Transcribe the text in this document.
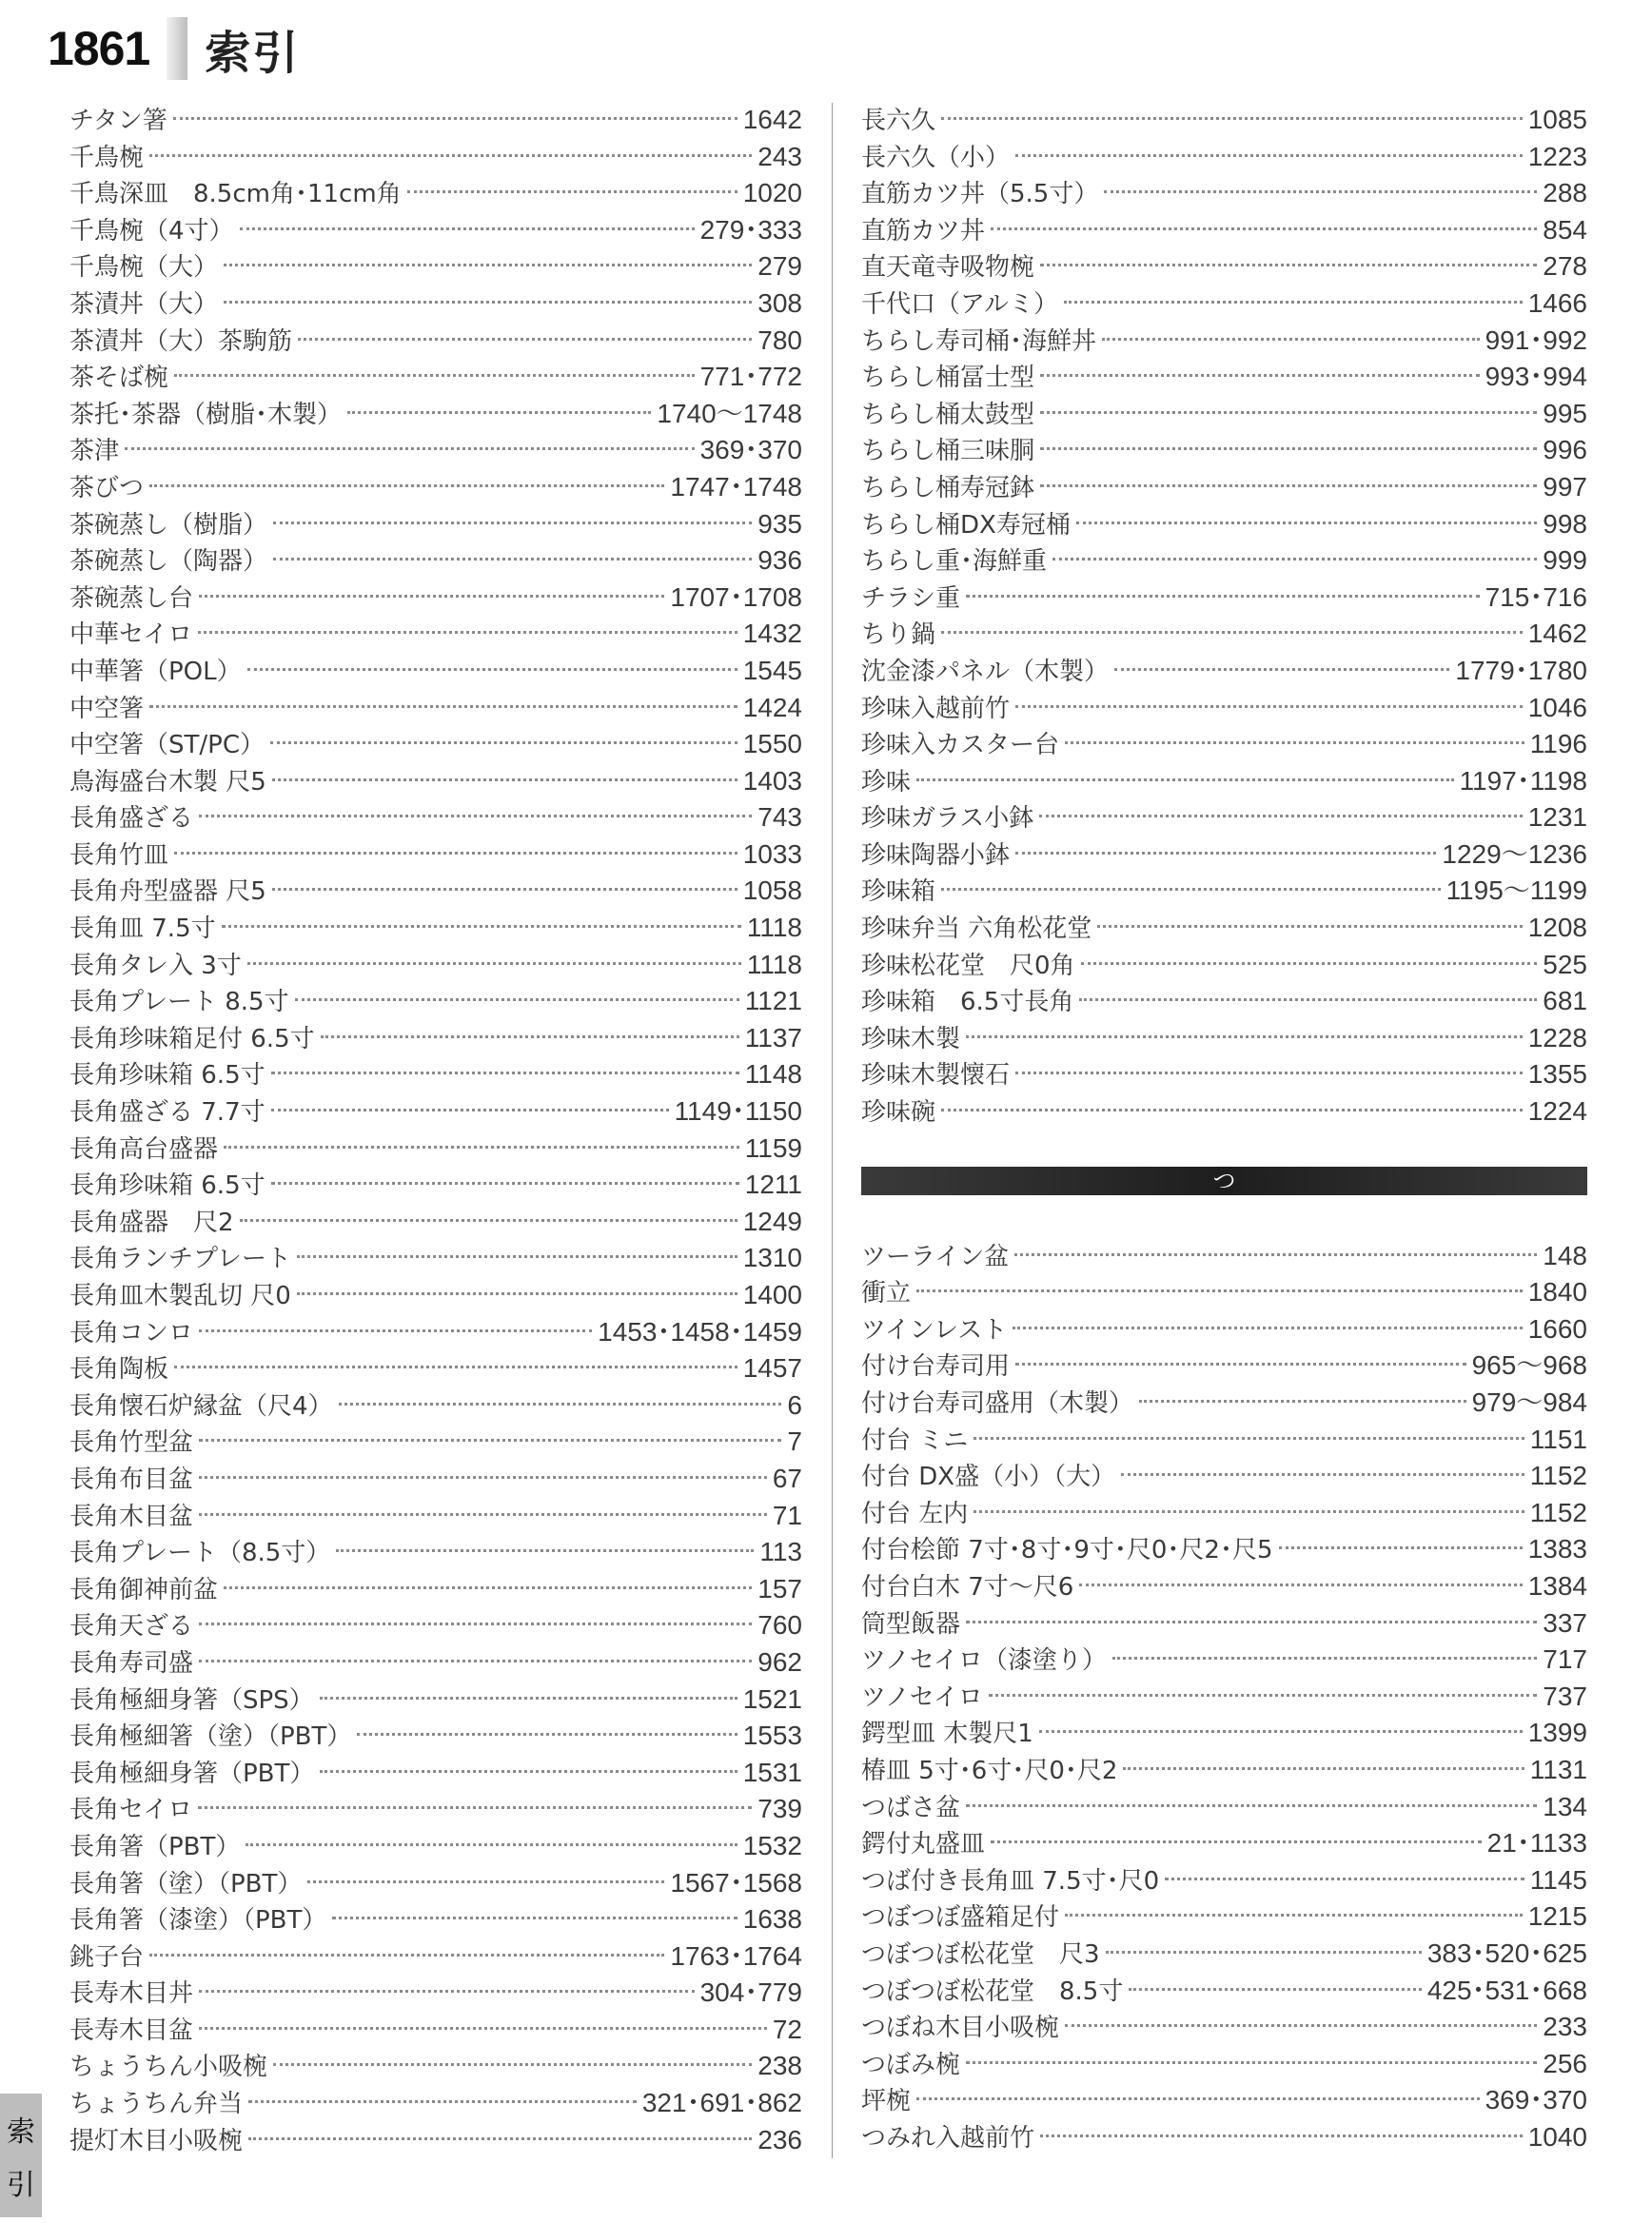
1861 索引
チタン箸	1642
千鳥椀	243
千鳥深皿　8.5cm角･11cm角	1020
千鳥椀（4寸）	279･333
千鳥椀（大）	279
茶漬丼（大）	308
茶漬丼（大）茶駒筋	780
茶そば椀	771･772
茶托･茶器（樹脂･木製）	1740～1748
茶津	369･370
茶びつ	1747･1748
茶碗蒸し（樹脂）	935
茶碗蒸し（陶器）	936
茶碗蒸し台	1707･1708
中華セイロ	1432
中華箸（POL）	1545
中空箸	1424
中空箸（ST/PC）	1550
鳥海盛台木製 尺5	1403
長角盛ざる	743
長角竹皿	1033
長角舟型盛器 尺5	1058
長角皿 7.5寸	1118
長角タレ入 3寸	1118
長角プレート 8.5寸	1121
長角珍味箱足付 6.5寸	1137
長角珍味箱 6.5寸	1148
長角盛ざる 7.7寸	1149･1150
長角高台盛器	1159
長角珍味箱 6.5寸	1211
長角盛器　尺2	1249
長角ランチプレート	1310
長角皿木製乱切 尺0	1400
長角コンロ	1453･1458･1459
長角陶板	1457
長角懐石炉縁盆（尺4）	6
長角竹型盆	7
長角布目盆	67
長角木目盆	71
長角プレート（8.5寸）	113
長角御神前盆	157
長角天ざる	760
長角寿司盛	962
長角極細身箸（SPS）	1521
長角極細箸（塗）（PBT）	1553
長角極細身箸（PBT）	1531
長角セイロ	739
長角箸（PBT）	1532
長角箸（塗）（PBT）	1567･1568
長角箸（漆塗）（PBT）	1638
銚子台	1763･1764
長寿木目丼	304･779
長寿木目盆	72
ちょうちん小吸椀	238
ちょうちん弁当	321･691･862
提灯木目小吸椀	236
長六久	1085
長六久（小）	1223
直筋カツ丼（5.5寸）	288
直筋カツ丼	854
直天竜寺吸物椀	278
千代口（アルミ）	1466
ちらし寿司桶･海鮮丼	991･992
ちらし桶冨士型	993･994
ちらし桶太鼓型	995
ちらし桶三味胴	996
ちらし桶寿冠鉢	997
ちらし桶DX寿冠桶	998
ちらし重･海鮮重	999
チラシ重	715･716
ちり鍋	1462
沈金漆パネル（木製）	1779･1780
珍味入越前竹	1046
珍味入カスター台	1196
珍味	1197･1198
珍味ガラス小鉢	1231
珍味陶器小鉢	1229～1236
珍味箱	1195～1199
珍味弁当 六角松花堂	1208
珍味松花堂　尺0角	525
珍味箱　6.5寸長角	681
珍味木製	1228
珍味木製懐石	1355
珍味碗	1224
つ
ツーライン盆	148
衝立	1840
ツインレスト	1660
付け台寿司用	965～968
付け台寿司盛用（木製）	979～984
付台 ミニ	1151
付台 DX盛（小）（大）	1152
付台 左内	1152
付台桧節 7寸･8寸･9寸･尺0･尺2･尺5	1383
付台白木 7寸～尺6	1384
筒型飯器	337
ツノセイロ（漆塗り）	717
ツノセイロ	737
鍔型皿 木製尺1	1399
椿皿 5寸･6寸･尺0･尺2	1131
つばさ盆	134
鍔付丸盛皿	21･1133
つば付き長角皿 7.5寸･尺0	1145
つぼつぼ盛箱足付	1215
つぼつぼ松花堂　尺3	383･520･625
つぼつぼ松花堂　8.5寸	425･531･668
つぼね木目小吸椀	233
つぼみ椀	256
坪椀	369･370
つみれ入越前竹	1040
索
引
